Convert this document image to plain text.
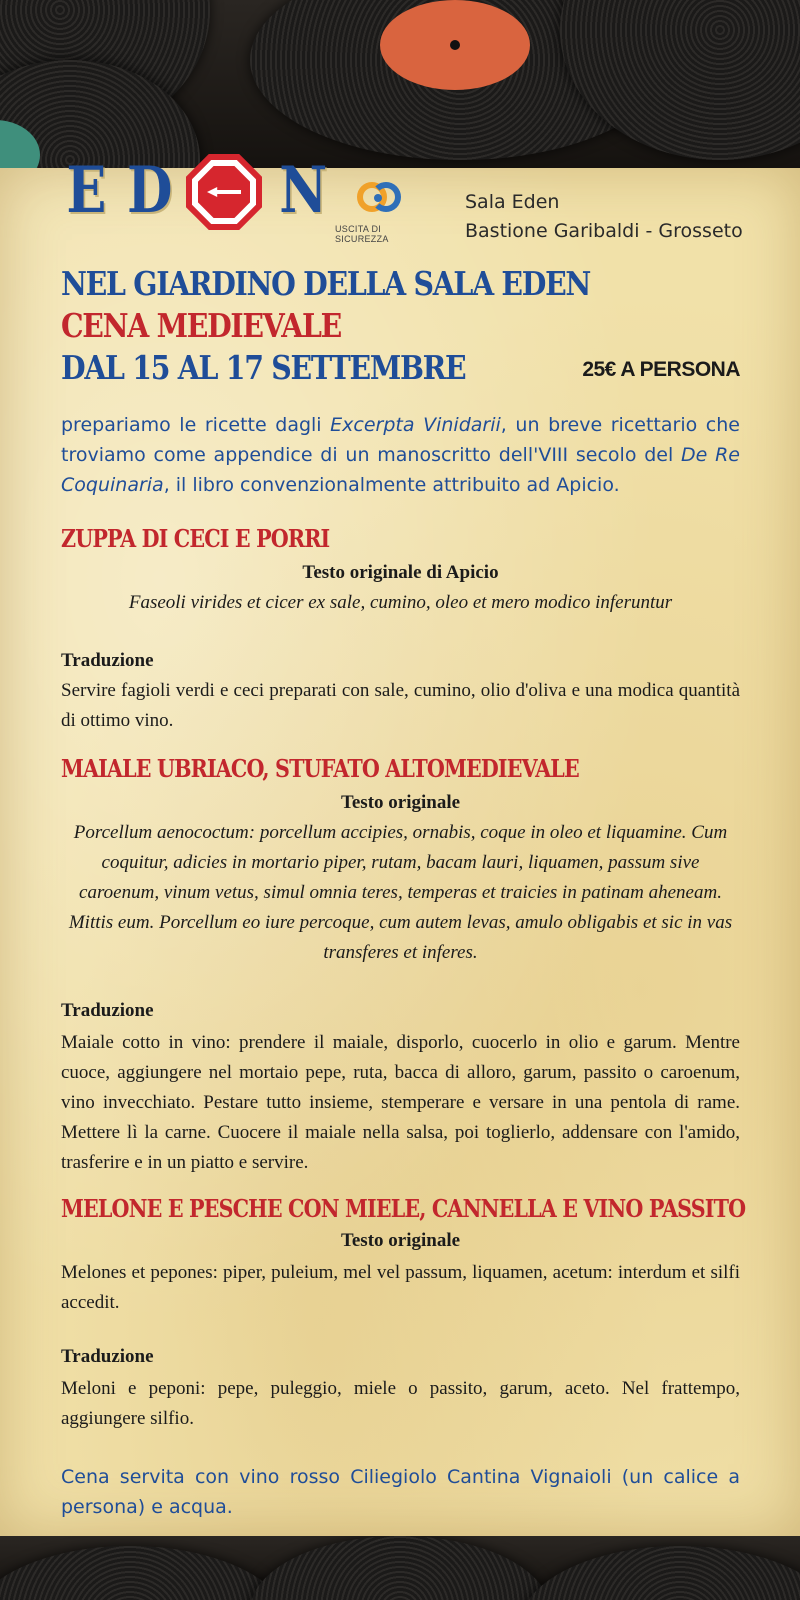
E D N
USCITA DI SICUREZZA
Sala Eden
Bastione Garibaldi - Grosseto
NEL GIARDINO DELLA SALA EDEN
CENA MEDIEVALE
DAL 15 AL 17 SETTEMBRE	25€ A PERSONA
prepariamo le ricette dagli Excerpta Vinidarii, un breve ricettario che troviamo come appendice di un manoscritto dell'VIII secolo del De Re Coquinaria, il libro convenzionalmente attribuito ad Apicio.
ZUPPA DI CECI E PORRI
Testo originale di Apicio
Faseoli virides et cicer ex sale, cumino, oleo et mero modico inferuntur
Traduzione
Servire fagioli verdi e ceci preparati con sale, cumino, olio d'oliva e una modica quantità di ottimo vino.
MAIALE UBRIACO, STUFATO ALTOMEDIEVALE
Testo originale
Porcellum aenococtum: porcellum accipies, ornabis, coque in oleo et liquamine. Cum coquitur, adicies in mortario piper, rutam, bacam lauri, liquamen, passum sive caroenum, vinum vetus, simul omnia teres, temperas et traicies in patinam aheneam. Mittis eum. Porcellum eo iure percoque, cum autem levas, amulo obligabis et sic in vas transferes et inferes.
Traduzione
Maiale cotto in vino: prendere il maiale, disporlo, cuocerlo in olio e garum. Mentre cuoce, aggiungere nel mortaio pepe, ruta, bacca di alloro, garum, passito o caroenum, vino invecchiato. Pestare tutto insieme, stemperare e versare in una pentola di rame. Mettere lì la carne. Cuocere il maiale nella salsa, poi toglierlo, addensare con l'amido, trasferire e in un piatto e servire.
MELONE E PESCHE CON MIELE, CANNELLA E VINO PASSITO
Testo originale
Melones et pepones: piper, puleium, mel vel passum, liquamen, acetum: interdum et silfi accedit.
Traduzione
Meloni e peponi: pepe, puleggio, miele o passito, garum, aceto. Nel frattempo, aggiungere silfio.
Cena servita con vino rosso Ciliegiolo Cantina Vignaioli (un calice a persona) e acqua.
